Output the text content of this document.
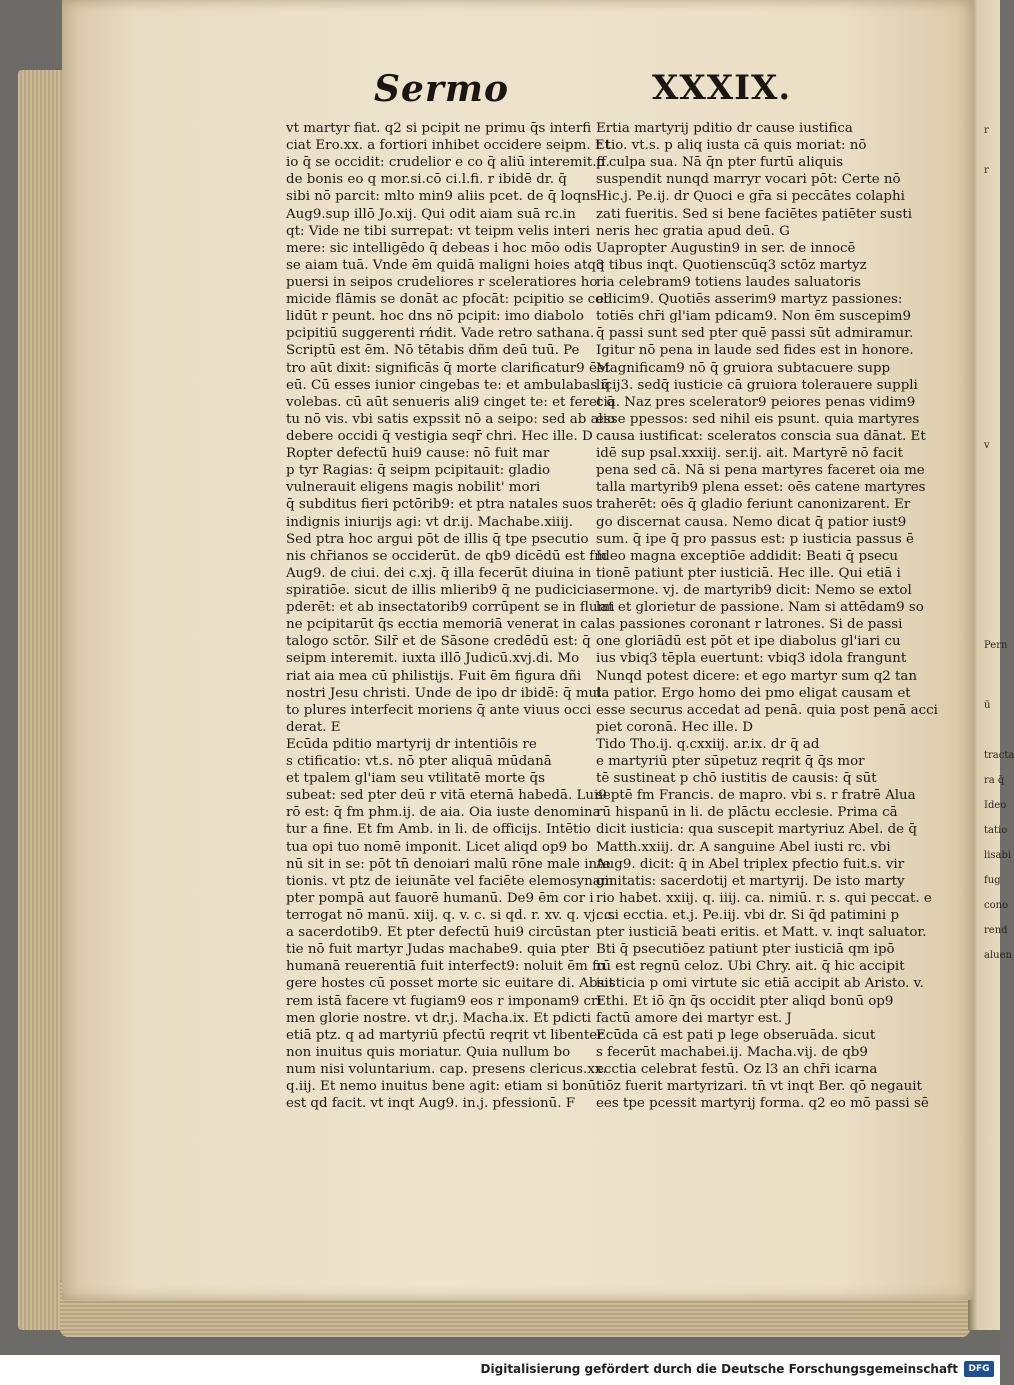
r
r
v
Pern
ū
tracta
ra q̄
Ideo
tatio
lisabi
fug
cono
rend
aluen
Sermo	XXXIX.
vt martyr fiat. q2 si pcipit ne primu q̄s interfi
ciat Ero.xx. a fortiori inhibet occidere seipm. Et
io q̄ se occidit: crudelior e co q̄ aliū interemit.ff.
de bonis eo q mor.si.cō ci.l.fi. r ibidē dr. q̄
sibi nō parcit: mlto min9 aliis pcet. de q̄ loqns
Aug9.sup illō Jo.xij. Qui odit aiam suā rc.in
qt: Vide ne tibi surrepat: vt teipm velis interi
mere: sic intelligēdo q̄ debeas i hoc mōo odis
se aiam tuā. Vnde ēm quidā maligni hoies atq3
puersi in seipos crudeliores r sceleratiores ho
micide flāmis se donāt ac pfocāt: pcipitio se col
lidūt r peunt. hoc dns nō pcipit: imo diabolo
pcipitiū suggerenti rńdit. Vade retro sathana.
Scriptū est ēm. Nō tētabis dñm deū tuū. Pe
tro aūt dixit: significās q̄ morte clarificatur9 ēet
eū. Cū esses iunior cingebas te: et ambulabas q̄
volebas. cū aūt senueris ali9 cinget te: et feret q̄
tu nō vis. vbi satis expssit nō a seipo: sed ab alio
debere occidi q̄ vestigia seqr̄ chri. Hec ille. D
Ropter defectū hui9 cause: nō fuit mar
p tyr Ragias: q̄ seipm pcipitauit: gladio
vulnerauit eligens magis nobilit' mori
q̄ subditus fieri pctōrib9: et ptra natales suos
indignis iniurijs agi: vt dr.ij. Machabe.xiiij.
Sed ptra hoc argui pōt de illis q̄ tpe psecutio
nis chr̄ianos se occiderūt. de qb9 dicēdū est fm
Aug9. de ciui. dei c.xj. q̄ illa fecerūt diuina in
spiratiōe. sicut de illis mlierib9 q̄ ne pudicicia
pderēt: et ab insectatorib9 corrūpent se in flumi
ne pcipitarūt q̄s ecctia memoriā venerat in ca
talogo sctōr. Silr̄ et de Sāsone credēdū est: q̄
seipm interemit. iuxta illō Judicū.xvj.di. Mo
riat aia mea cū philistijs. Fuit ēm figura dñi
nostri Jesu christi. Unde de ipo dr ibidē: q̄ mul
to plures interfecit moriens q̄ ante viuus occi
derat. E
Ecūda pditio martyrij dr intentiōis re
s ctificatio: vt.s. nō pter aliquā mūdanā
et tpalem gl'iam seu vtilitatē morte q̄s
subeat: sed pter deū r vitā eternā habedā. Lui9
rō est: q̄ fm phm.ij. de aia. Oia iuste denomina
tur a fine. Et fm Amb. in li. de officijs. Intētio
tua opi tuo nomē imponit. Licet aliqd op9 bo
nū sit in se: pōt tn̄ denoiari malū rōne male inte
tionis. vt ptz de ieiunāte vel faciēte elemosynam
pter pompā aut fauorē humanū. De9 ēm cor i
terrogat nō manū. xiij. q. v. c. si qd. r. xv. q. vj. c.
a sacerdotib9. Et pter defectū hui9 circūstan
tie nō fuit martyr Judas machabe9. quia pter
humanā reuerentiā fuit interfect9: noluit ēm fu
gere hostes cū posset morte sic euitare di. Absit
rem istā facere vt fugiam9 eos r imponam9 cri
men glorie nostre. vt dr.j. Macha.ix. Et pdicti
etiā ptz. q ad martyriū pfectū reqrit vt libenter
non inuitus quis moriatur. Quia nullum bo
num nisi voluntarium. cap. presens clericus.xx.
q.iij. Et nemo inuitus bene agit: etiam si bonū
est qd facit. vt inqt Aug9. in.j. pfessionū. F
Ertia martyrij pditio dr cause iustifica
t tio. vt.s. p aliq iusta cā quis moriat: nō
p culpa sua. Nā q̄n pter furtū aliquis
suspendit nunqd marryr vocari pōt: Certe nō
Hic.j. Pe.ij. dr Quoci e gr̄a si peccātes colaphi
zati fueritis. Sed si bene faciētes patiēter susti
neris hec gratia apud deū. G
Uapropter Augustin9 in ser. de innocē
q tibus inqt. Quotienscūq3 sctōz martyz
ria celebram9 totiens laudes saluatoris
edicim9. Quotiēs asserim9 martyz passiones:
totiēs chr̄i gl'iam pdicam9. Non ēm suscepim9
q̄ passi sunt sed pter quē passi sūt admiramur.
Igitur nō pena in laude sed fides est in honore.
Magnificam9 nō q̄ gruiora subtacuere supp
licij3. sedq̄ iusticie cā gruiora tolerauere suppli
cia. Naz pres scelerator9 peiores penas vidim9
esse ppessos: sed nihil eis psunt. quia martyres
causa iustificat: sceleratos conscia sua dānat. Et
idē sup psal.xxxiij. ser.ij. ait. Martyrē nō facit
pena sed cā. Nā si pena martyres faceret oia me
talla martyrib9 plena esset: oēs catene martyres
traherēt: oēs q̄ gladio feriunt canonizarent. Er
go discernat causa. Nemo dicat q̄ patior iust9
sum. q̄ ipe q̄ pro passus est: p iusticia passus ē
Ideo magna exceptiōe addidit: Beati q̄ psecu
tionē patiunt pter iusticiā. Hec ille. Qui etiā i
sermone. vj. de martyrib9 dicit: Nemo se extol
lat et glorietur de passione. Nam si attēdam9 so
las passiones coronant r latrones. Si de passi
one gloriādū est pōt et ipe diabolus gl'iari cu
ius vbiq3 tēpla euertunt: vbiq3 idola frangunt
Nunqd potest dicere: et ego martyr sum q2 tan
ta patior. Ergo homo dei pmo eligat causam et
esse securus accedat ad penā. quia post penā acci
piet coronā. Hec ille. D
Tido Tho.ij. q.cxxiij. ar.ix. dr q̄ ad
e martyriū pter sūpetuz reqrit q̄ q̄s mor
tē sustineat p chō iustitis de causis: q̄ sūt
septē fm Francis. de mapro. vbi s. r fratrē Alua
rū hispanū in li. de plāctu ecclesie. Prima cā
dicit iusticia: qua suscepit martyriuz Abel. de q̄
Matth.xxiij. dr. A sanguine Abel iusti rc. vbi
Aug9. dicit: q̄ in Abel triplex pfectio fuit.s. vir
ginitatis: sacerdotij et martyrij. De isto marty
rio habet. xxiij. q. iiij. ca. nimiū. r. s. qui peccat. e
c.si ecctia. et.j. Pe.iij. vbi dr. Si q̄d patimini p
pter iusticiā beati eritis. et Matt. v. inqt saluator.
Bti q̄ psecutiōez patiunt pter iusticiā qm ipō
rū est regnū celoz. Ubi Chry. ait. q̄ hic accipit
iusticia p omi virtute sic etiā accipit ab Aristo. v.
Ethi. Et iō q̄n q̄s occidit pter aliqd bonū op9
factū amore dei martyr est. J
Ecūda cā est pati p lege obseruāda. sicut
s fecerūt machabei.ij. Macha.vij. de qb9
ecctia celebrat festū. Oz l3 an chr̄i icarna
tiōz fuerit martyrizari. tn̄ vt inqt Ber. qō negauit
ees tpe pcessit martyrij forma. q2 eo mō passi sē
Digitalisierung gefördert durch die Deutsche Forschungsgemeinschaft	DFG
